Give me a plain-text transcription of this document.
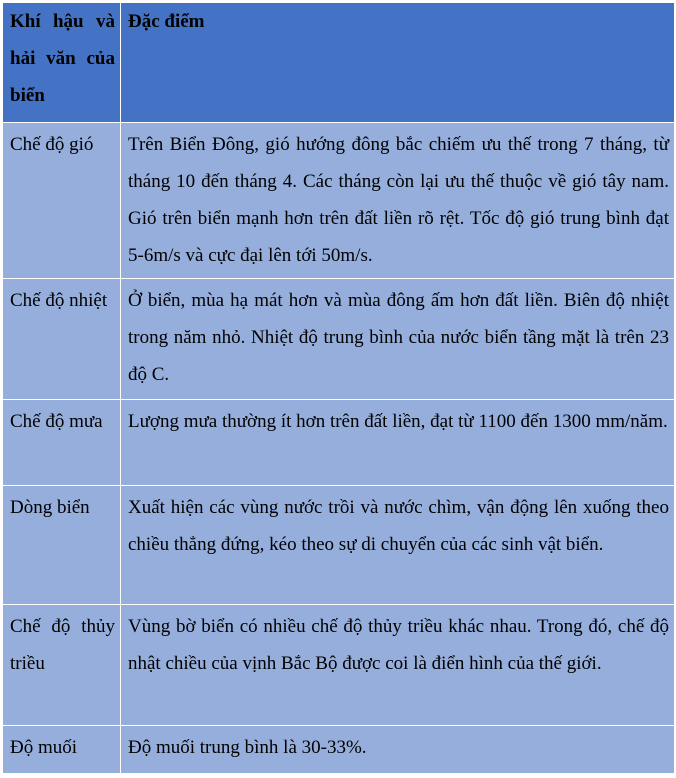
Khí hậu và hải văn của biển	Đặc điểm

Chế độ gió	Trên Biển Đông, gió hướng đông bắc chiếm ưu thế trong 7 tháng, từ tháng 10 đến tháng 4. Các tháng còn lại ưu thế thuộc về gió tây nam. Gió trên biển mạnh hơn trên đất liền rõ rệt. Tốc độ gió trung bình đạt 5-6m/s và cực đại lên tới 50m/s.

Chế độ nhiệt	Ở biển, mùa hạ mát hơn và mùa đông ấm hơn đất liền. Biên độ nhiệt trong năm nhỏ. Nhiệt độ trung bình của nước biển tầng mặt là trên 23 độ C.

Chế độ mưa	Lượng mưa thường ít hơn trên đất liền, đạt từ 1100 đến 1300 mm/năm.

Dòng biển	Xuất hiện các vùng nước trồi và nước chìm, vận động lên xuống theo chiều thẳng đứng, kéo theo sự di chuyển của các sinh vật biển.

Chế độ thủy triều	Vùng bờ biển có nhiều chế độ thủy triều khác nhau. Trong đó, chế độ nhật chiều của vịnh Bắc Bộ được coi là điển hình của thế giới.

Độ muối	Độ muối trung bình là 30-33%.
